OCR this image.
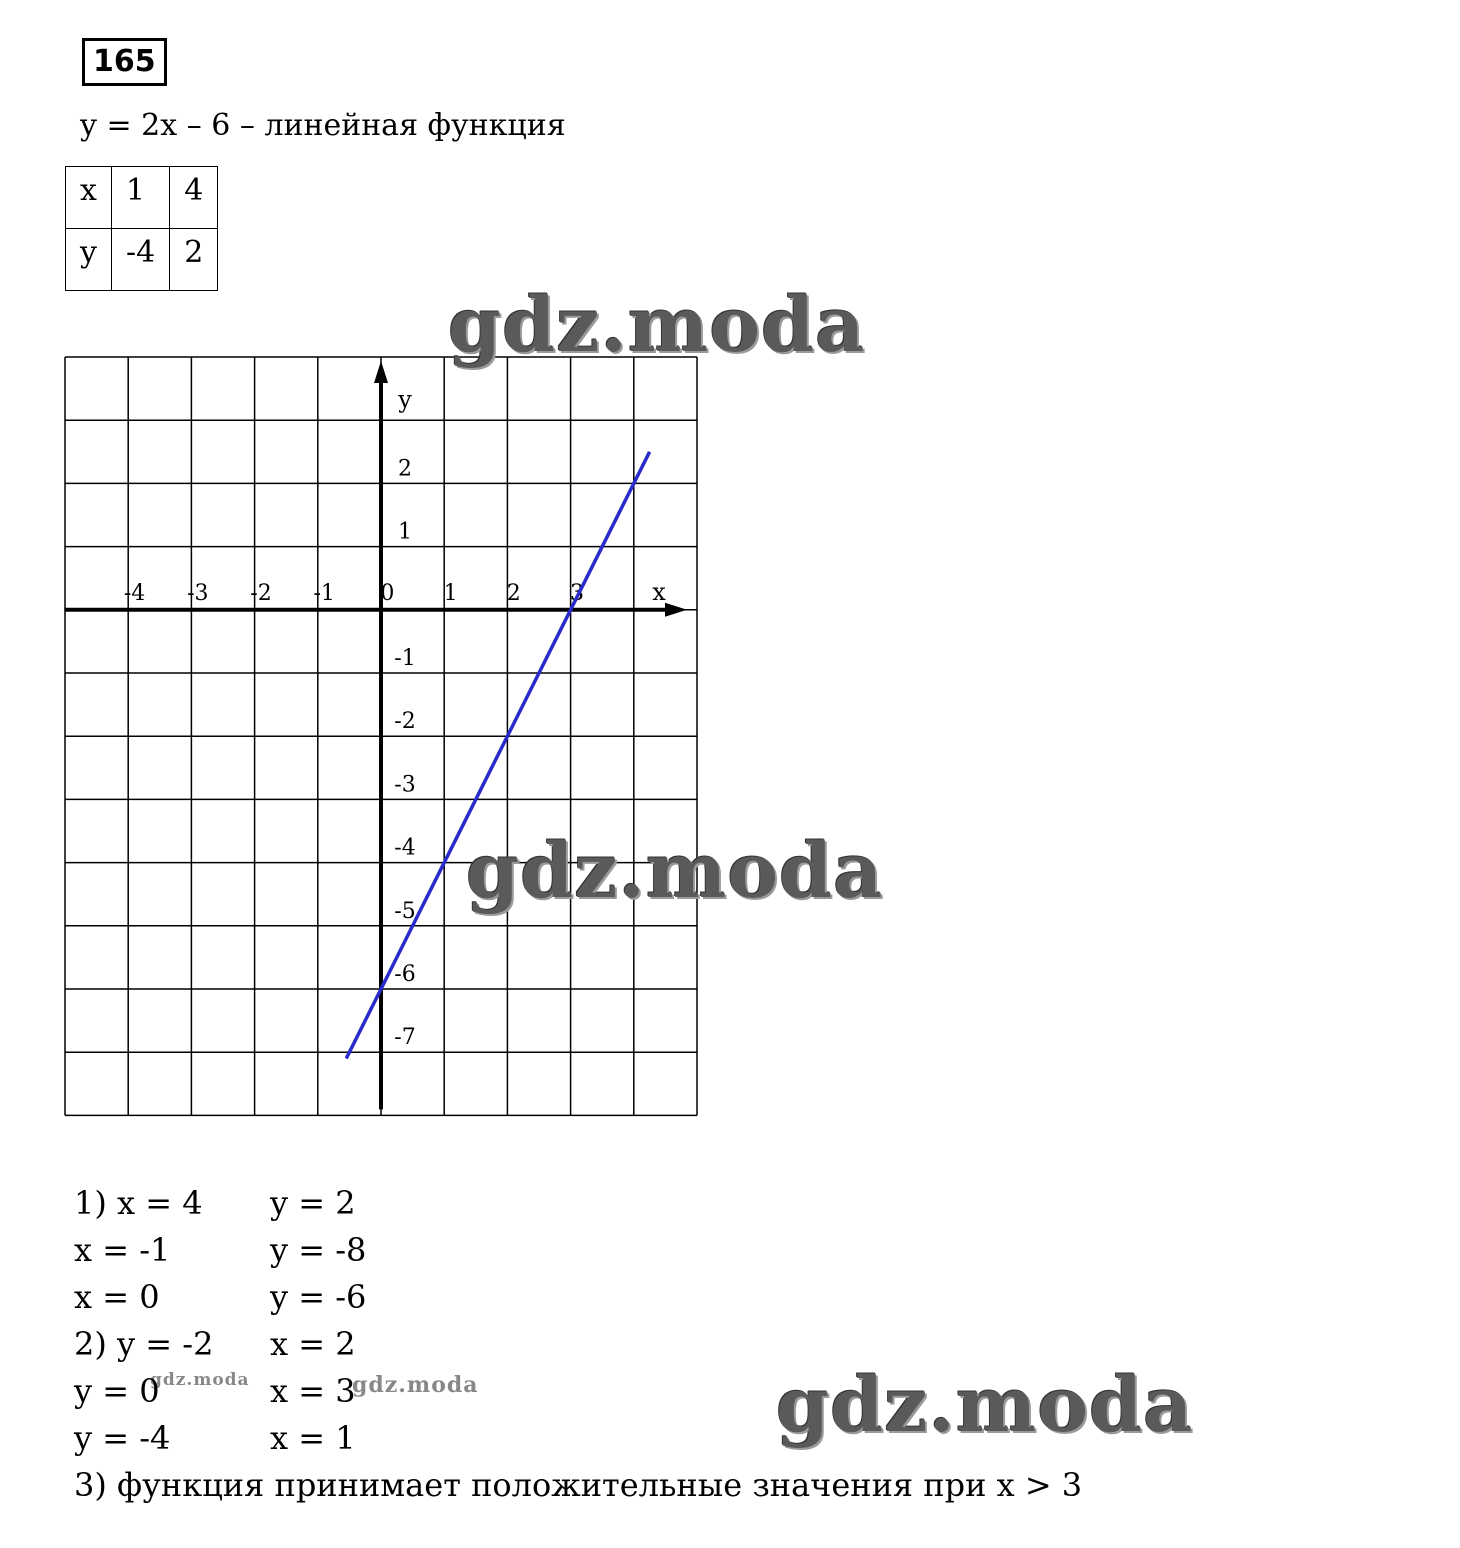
165
y = 2x – 6 – линейная функция
x	1	4
y	-4	2
-4 -3 -2 -1 0 1 2 3
2
1
-1
-2
-3
-4
-5
-6
-7
x
y
gdz.moda
gdz.moda
gdz.moda
gdz.moda	gdz.moda
1) x = 4	y = 2
x = -1	y = -8
x = 0	y = -6
2) y = -2	x = 2
y = 0	x = 3
y = -4	x = 1
3) функция принимает положительные значения при x > 3
